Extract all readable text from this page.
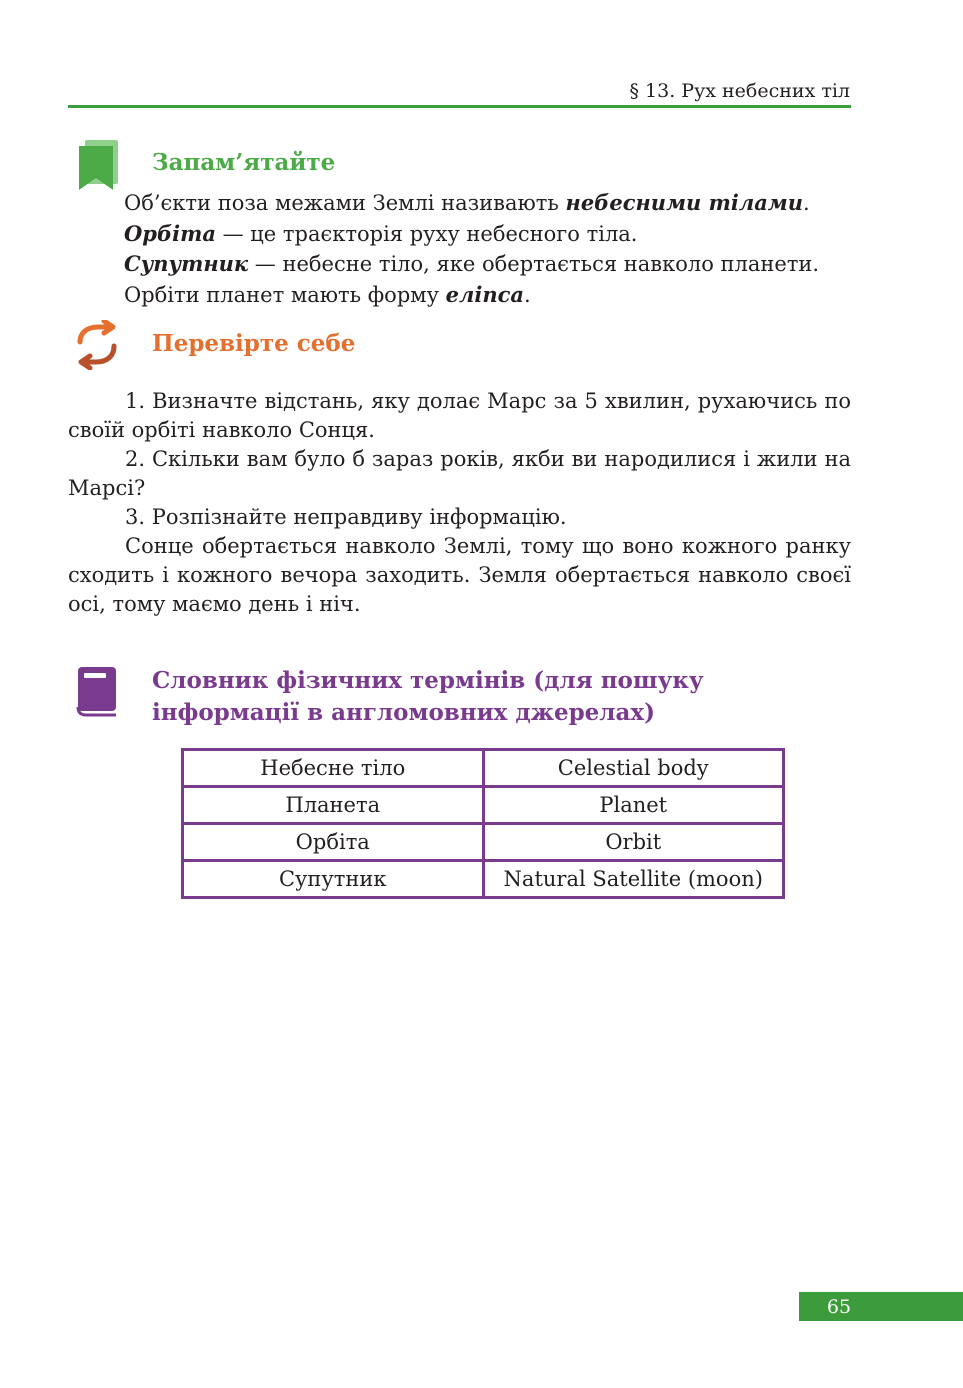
§ 13. Рух небесних тіл
Запам’ятайте

Об’єкти поза межами Землі називають небесними тілами.

Орбіта — це траєкторія руху небесного тіла.

Супутник — небесне тіло, яке обертається навколо планети.

Орбіти планет мають форму еліпса.

Перевірте себе

1. Визначте відстань, яку долає Марс за 5 хвилин, рухаючись по своїй орбіті навколо Сонця.

2. Скільки вам було б зараз років, якби ви народилися і жили на Марсі?

3. Розпізнайте неправдиву інформацію.

Сонце обертається навколо Землі, тому що воно кожного ранку сходить і кожного вечора заходить. Земля обертається навколо своєї осі, тому маємо день і ніч.

Словник фізичних термінів (для пошуку інформації в англомовних джерелах)
Небесне тіло	Celestial body
Планета	Planet
Орбіта	Orbit
Супутник	Natural Satellite (moon)
65
